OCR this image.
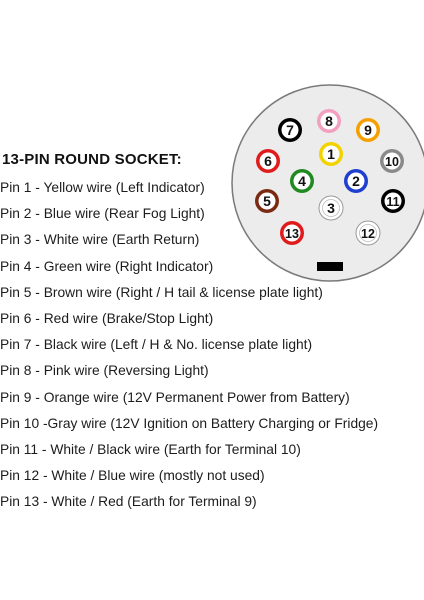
1
2
3
4
5
6
7
8
9
10
11
12
13
13-PIN ROUND SOCKET:
Pin 1 - Yellow wire (Left Indicator)
Pin 2 - Blue wire (Rear Fog Light)
Pin 3 - White wire (Earth Return)
Pin 4 - Green wire (Right Indicator)
Pin 5 - Brown wire (Right / H tail & license plate light)
Pin 6 - Red wire (Brake/Stop Light)
Pin 7 - Black wire (Left / H & No. license plate light)
Pin 8 - Pink wire (Reversing Light)
Pin 9 - Orange wire (12V Permanent Power from Battery)
Pin 10 -Gray wire (12V Ignition on Battery Charging or Fridge)
Pin 11 - White / Black wire (Earth for Terminal 10)
Pin 12 - White / Blue wire (mostly not used)
Pin 13 - White / Red (Earth for Terminal 9)
